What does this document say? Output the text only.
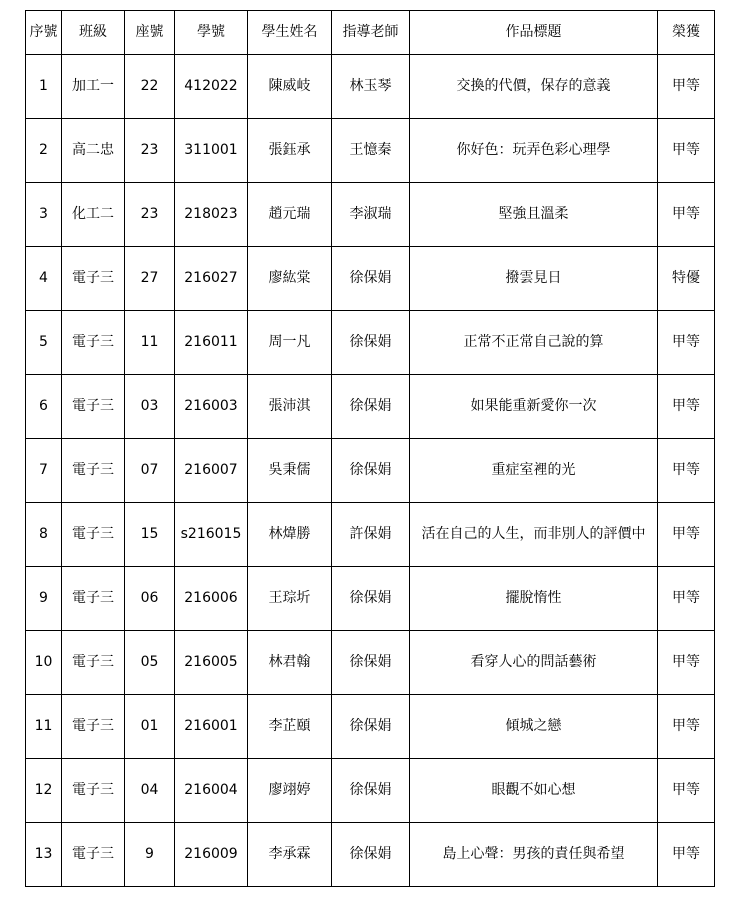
序號	班級	座號	學號	學生姓名	指導老師	作品標題	榮獲
1	加工一	22	412022	陳威岐	林玉琴	交換的代價，保存的意義	甲等
2	高二忠	23	311001	張鈺承	王憶秦	你好色：玩弄色彩心理學	甲等
3	化工二	23	218023	趙元瑞	李淑瑞	堅強且溫柔	甲等
4	電子三	27	216027	廖紘棠	徐保娟	撥雲見日	特優
5	電子三	11	216011	周一凡	徐保娟	正常不正常自己說的算	甲等
6	電子三	03	216003	張沛淇	徐保娟	如果能重新愛你一次	甲等
7	電子三	07	216007	吳秉儒	徐保娟	重症室裡的光	甲等
8	電子三	15	s216015	林煒勝	許保娟	活在自己的人生，而非別人的評價中	甲等
9	電子三	06	216006	王琮圻	徐保娟	擺脫惰性	甲等
10	電子三	05	216005	林君翰	徐保娟	看穿人心的問話藝術	甲等
11	電子三	01	216001	李芷頤	徐保娟	傾城之戀	甲等
12	電子三	04	216004	廖翊婷	徐保娟	眼觀不如心想	甲等
13	電子三	9	216009	李承霖	徐保娟	島上心聲：男孩的責任與希望	甲等
